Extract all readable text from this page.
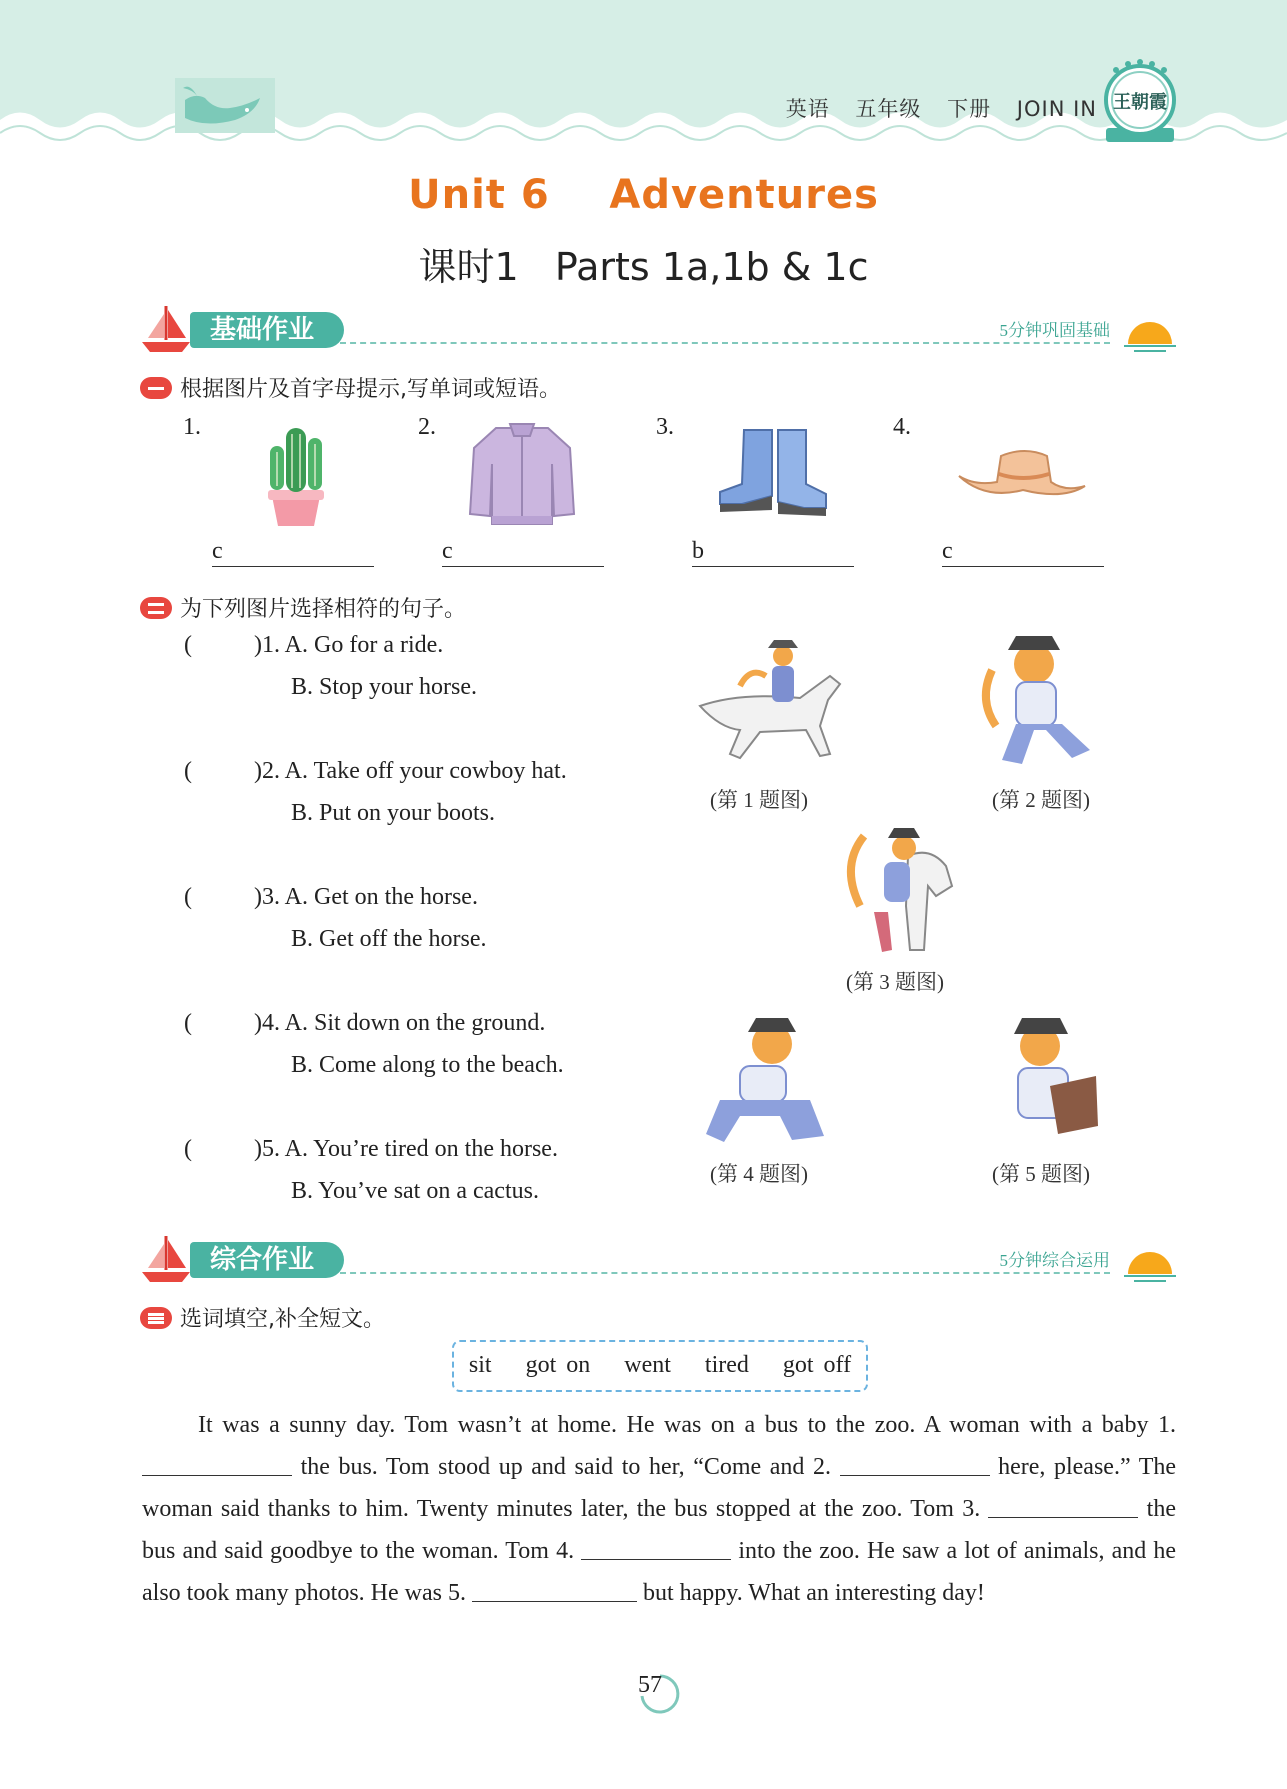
英语 五年级 下册 JOIN IN 王朝霞
Unit 6    Adventures
课时1   Parts 1a,1b & 1c
基础作业	5分钟巩固基础
根据图片及首字母提示,写单词或短语。
1.
c
2.
c
3.
b
4.
c
为下列图片选择相符的句子。
(	)1. A. Go for a ride.
B. Stop your horse.
(	)2. A. Take off your cowboy hat.
B. Put on your boots.
(	)3. A. Get on the horse.
B. Get off the horse.
(	)4. A. Sit down on the ground.
B. Come along to the beach.
(	)5. A. You’re tired on the horse.
B. You’ve sat on a cactus.
(第 1 题图)	(第 2 题图)
(第 3 题图)
(第 4 题图)	(第 5 题图)
综合作业	5分钟综合运用
选词填空,补全短文。
sit got on went tired got off
It was a sunny day. Tom wasn’t at home. He was on a bus to the zoo. A woman with a baby 1.  the bus. Tom stood up and said to her, “Come and 2.	here, please.” The woman said thanks to him. Twenty minutes later, the bus stopped at the zoo. Tom 3.	the bus and said goodbye to the woman. Tom 4.	into the zoo. He saw a lot of animals, and he also took many photos. He was 5.	but happy. What an interesting day!
57
